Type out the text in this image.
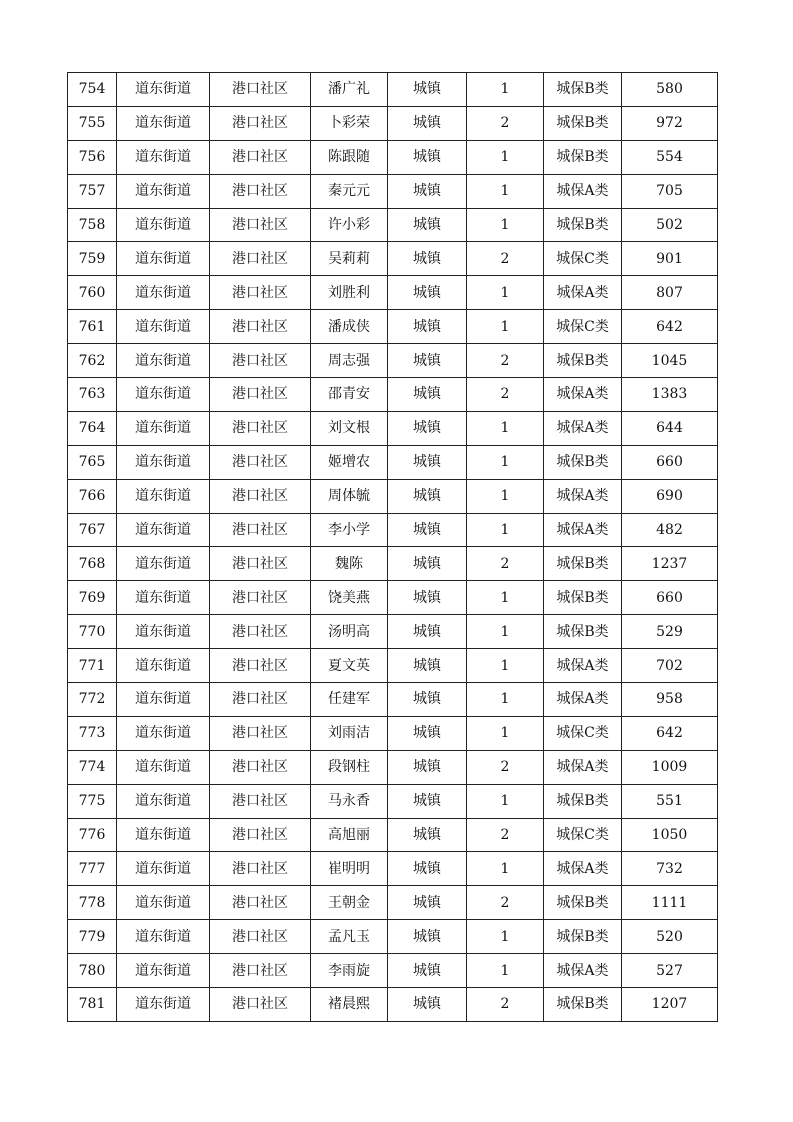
754	道东街道	港口社区	潘广礼	城镇	1	城保B类	580
755	道东街道	港口社区	卜彩荣	城镇	2	城保B类	972
756	道东街道	港口社区	陈跟随	城镇	1	城保B类	554
757	道东街道	港口社区	秦元元	城镇	1	城保A类	705
758	道东街道	港口社区	许小彩	城镇	1	城保B类	502
759	道东街道	港口社区	吴莉莉	城镇	2	城保C类	901
760	道东街道	港口社区	刘胜利	城镇	1	城保A类	807
761	道东街道	港口社区	潘成侠	城镇	1	城保C类	642
762	道东街道	港口社区	周志强	城镇	2	城保B类	1045
763	道东街道	港口社区	邵青安	城镇	2	城保A类	1383
764	道东街道	港口社区	刘文根	城镇	1	城保A类	644
765	道东街道	港口社区	姬增农	城镇	1	城保B类	660
766	道东街道	港口社区	周体毓	城镇	1	城保A类	690
767	道东街道	港口社区	李小学	城镇	1	城保A类	482
768	道东街道	港口社区	魏陈	城镇	2	城保B类	1237
769	道东街道	港口社区	饶美燕	城镇	1	城保B类	660
770	道东街道	港口社区	汤明高	城镇	1	城保B类	529
771	道东街道	港口社区	夏文英	城镇	1	城保A类	702
772	道东街道	港口社区	任建军	城镇	1	城保A类	958
773	道东街道	港口社区	刘雨洁	城镇	1	城保C类	642
774	道东街道	港口社区	段钢柱	城镇	2	城保A类	1009
775	道东街道	港口社区	马永香	城镇	1	城保B类	551
776	道东街道	港口社区	高旭丽	城镇	2	城保C类	1050
777	道东街道	港口社区	崔明明	城镇	1	城保A类	732
778	道东街道	港口社区	王朝金	城镇	2	城保B类	1111
779	道东街道	港口社区	孟凡玉	城镇	1	城保B类	520
780	道东街道	港口社区	李雨旋	城镇	1	城保A类	527
781	道东街道	港口社区	褚晨熙	城镇	2	城保B类	1207
